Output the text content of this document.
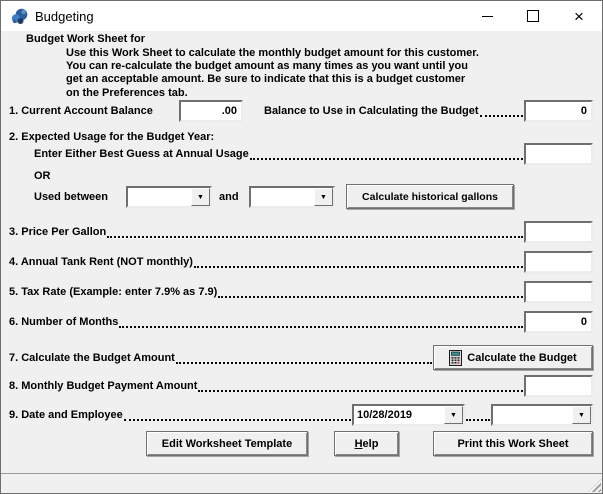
Budgeting	×
Budget Work Sheet for
Use this Work Sheet to calculate the monthly budget amount for this customer.
You can re-calculate the budget amount as many times as you want until you
get an acceptable amount. Be sure to indicate that this is a budget customer
on the Preferences tab.
1. Current Account Balance	.00 Balance to Use in Calculating the Budget	0
2. Expected Usage for the Budget Year:
Enter Either Best Guess at Annual Usage
OR
Used between	▼ and	▼	Calculate historical gallons
3. Price Per Gallon
4. Annual Tank Rent (NOT monthly)
5. Tax Rate (Example: enter 7.9% as 7.9)
6. Number of Months	0
7. Calculate the Budget Amount	Calculate the Budget
8. Monthly Budget Payment Amount
9. Date and Employee	10/28/2019	▼	▼
Edit Worksheet Template	Help	Print this Work Sheet
